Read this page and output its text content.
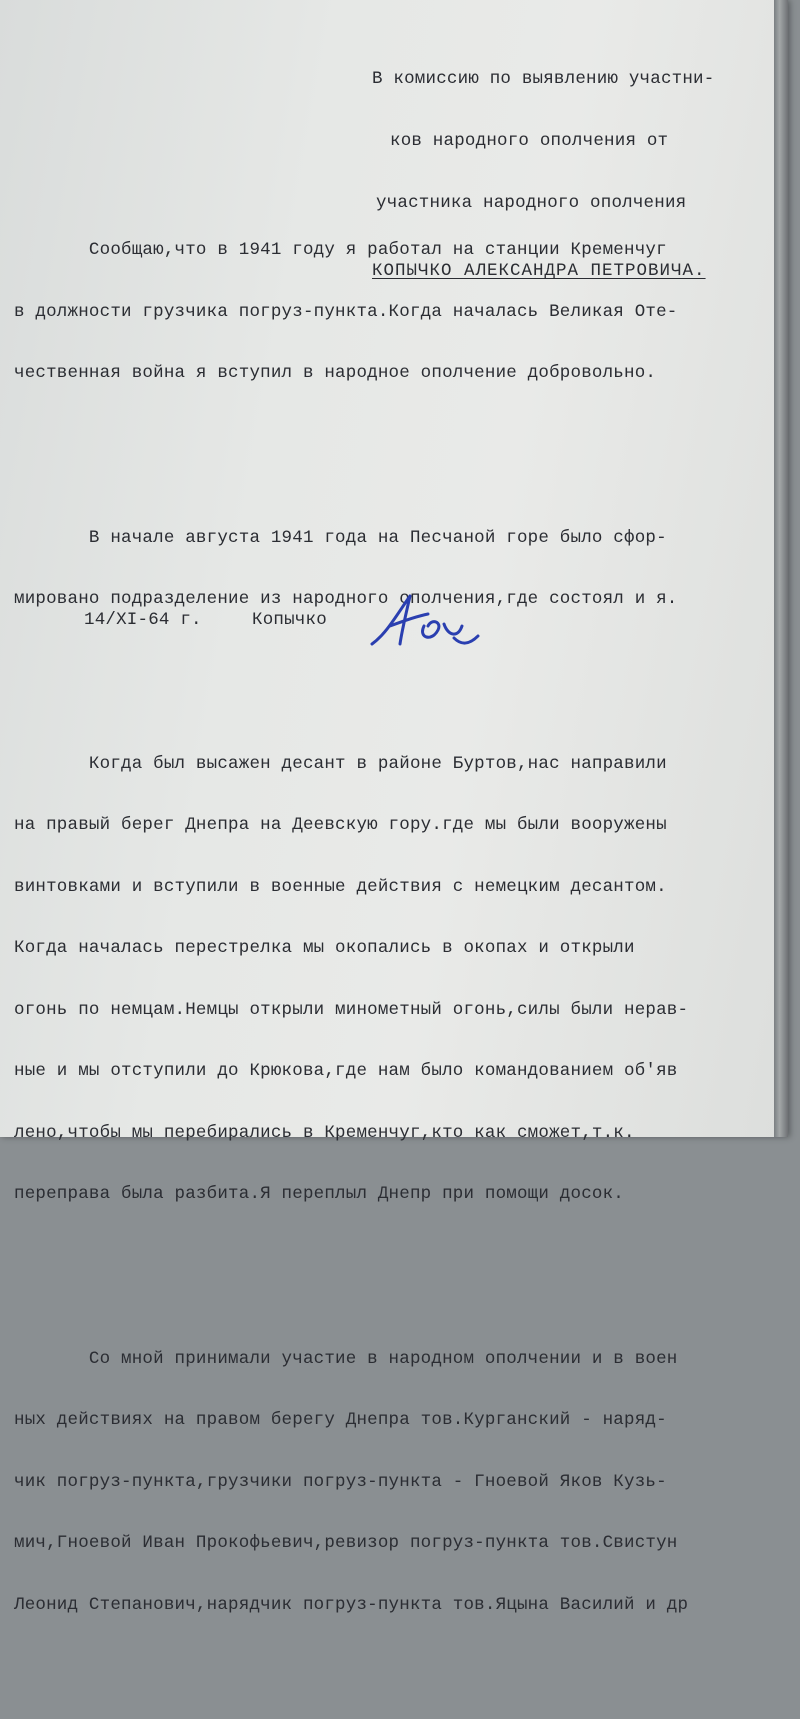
В комиссию по выявлению участни-

ков народного ополчения от

участника народного ополчения

КОПЫЧКО АЛЕКСАНДРА ПЕТРОВИЧА.

Сообщаю,что в 1941 году я работал на станции Кременчуг

в должности грузчика погруз-пункта.Когда началась Великая Оте-

чественная война я вступил в народное ополчение добровольно.

В начале августа 1941 года на Песчаной горе было сфор-

мировано подразделение из народного ополчения,где состоял и я.

Когда был высажен десант в районе Буртов,нас направили

на правый берег Днепра на Деевскую гору.где мы были вооружены

винтовками и вступили в военные действия с немецким десантом.

Когда началась перестрелка мы окопались в окопах и открыли

огонь по немцам.Немцы открыли минометный огонь,силы были нерав-

ные и мы отступили до Крюкова,где нам было командованием об'яв

лено,чтобы мы перебирались в Кременчуг,кто как сможет,т.к.

переправа была разбита.Я переплыл Днепр при помощи досок.

Со мной принимали участие в народном ополчении и в воен

ных действиях на правом берегу Днепра тов.Курганский - наряд-

чик погруз-пункта,грузчики погруз-пункта - Гноевой Яков Кузь-

мич,Гноевой Иван Прокофьевич,ревизор погруз-пункта тов.Свистун

Леонид Степанович,нарядчик погруз-пункта тов.Яцына Василий и др

14/XI-64 г.

	Копычко
